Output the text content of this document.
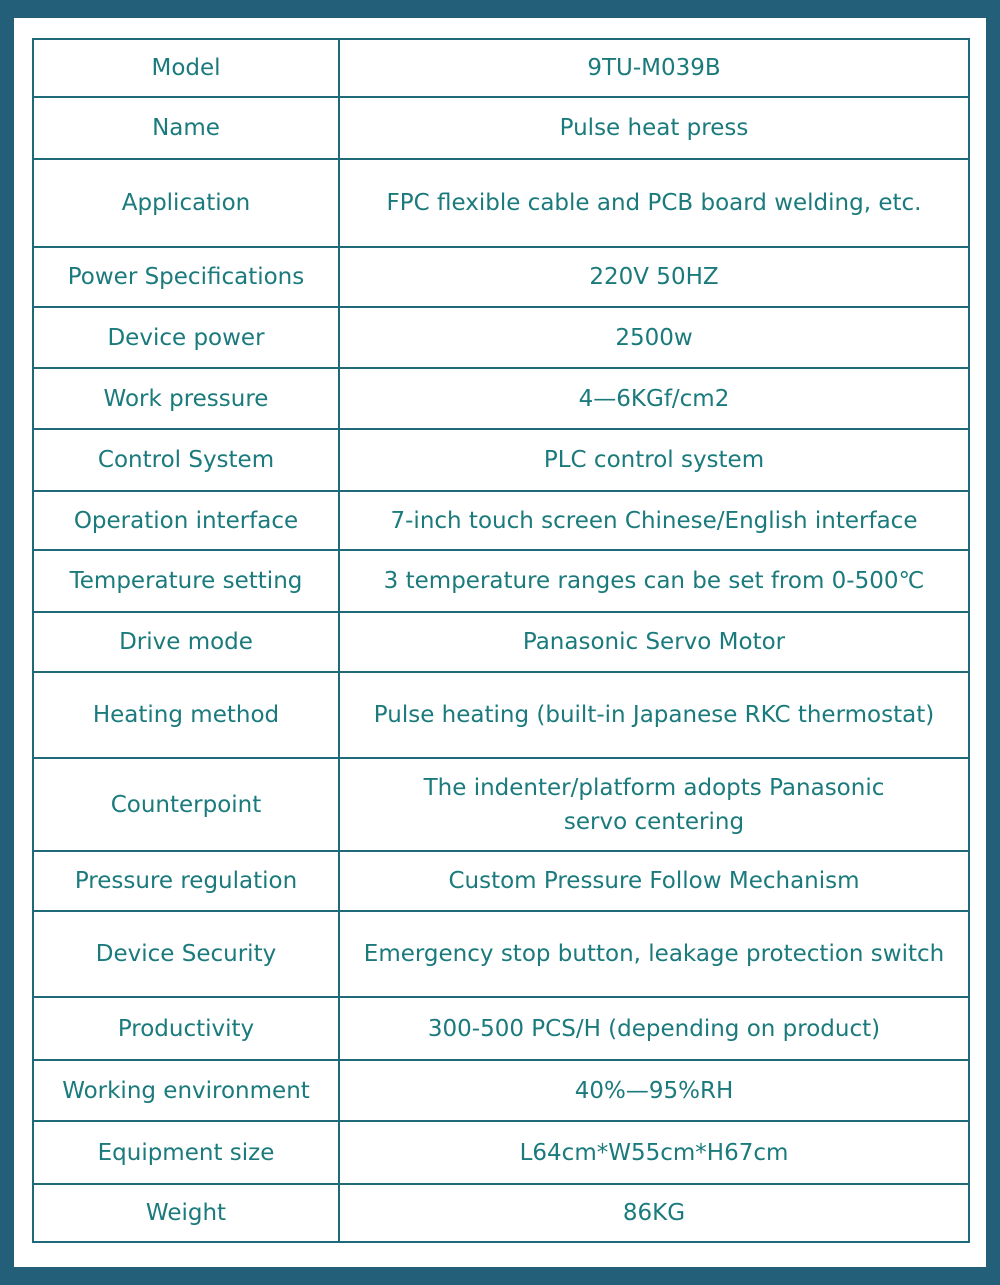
Model	9TU-M039B
Name	Pulse heat press
Application	FPC flexible cable and PCB board welding, etc.
Power Specifications	220V 50HZ
Device power	2500w
Work pressure	4—6KGf/cm2
Control System	PLC control system
Operation interface	7-inch touch screen Chinese/English interface
Temperature setting	3 temperature ranges can be set from 0-500℃
Drive mode	Panasonic Servo Motor
Heating method	Pulse heating (built-in Japanese RKC thermostat)
Counterpoint	The indenter/platform adopts Panasonic
servo centering
Pressure regulation	Custom Pressure Follow Mechanism
Device Security	Emergency stop button, leakage protection switch
Productivity	300-500 PCS/H (depending on product)
Working environment	40%—95%RH
Equipment size	L64cm*W55cm*H67cm
Weight	86KG
